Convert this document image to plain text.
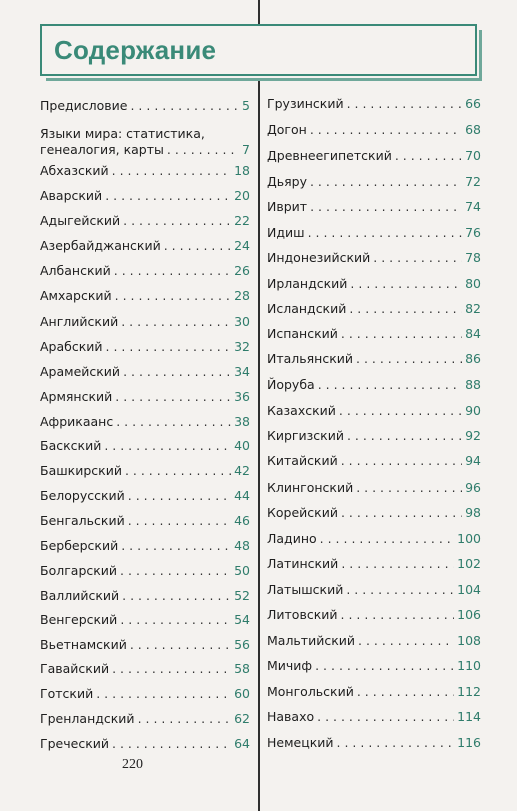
Содержание
Предисловие . . .	5
Языки мира: статистика,
генеалогия, карты . . .	7
Абхазский . . .	18
Аварский . . .	20
Адыгейский . . .	22
Азербайджанский . . .	24
Албанский . . .	26
Амхарский . . .	28
Английский . . .	30
Арабский . . .	32
Арамейский . . .	34
Армянский . . .	36
Африкаанс . . .	38
Баскский . . .	40
Башкирский . . .	42
Белорусский . . .	44
Бенгальский . . .	46
Берберский . . .	48
Болгарский . . .	50
Валлийский . . .	52
Венгерский . . .	54
Вьетнамский . . .	56
Гавайский . . .	58
Готский . . .	60
Гренландский . . .	62
Греческий . . .	64
Грузинский . . .	66
Догон . . .	68
Древнеегипетский . . .	70
Дьяру . . .	72
Иврит . . .	74
Идиш . . .	76
Индонезийский . . .	78
Ирландский . . .	80
Исландский . . .	82
Испанский . . .	84
Итальянский . . .	86
Йоруба . . .	88
Казахский . . .	90
Киргизский . . .	92
Китайский . . .	94
Клингонский . . .	96
Корейский . . .	98
Ладино . . .	100
Латинский . . .	102
Латышский . . .	104
Литовский . . .	106
Мальтийский . . .	108
Мичиф . . .	110
Монгольский . . .	112
Навахо . . .	114
Немецкий . . .	116
220
